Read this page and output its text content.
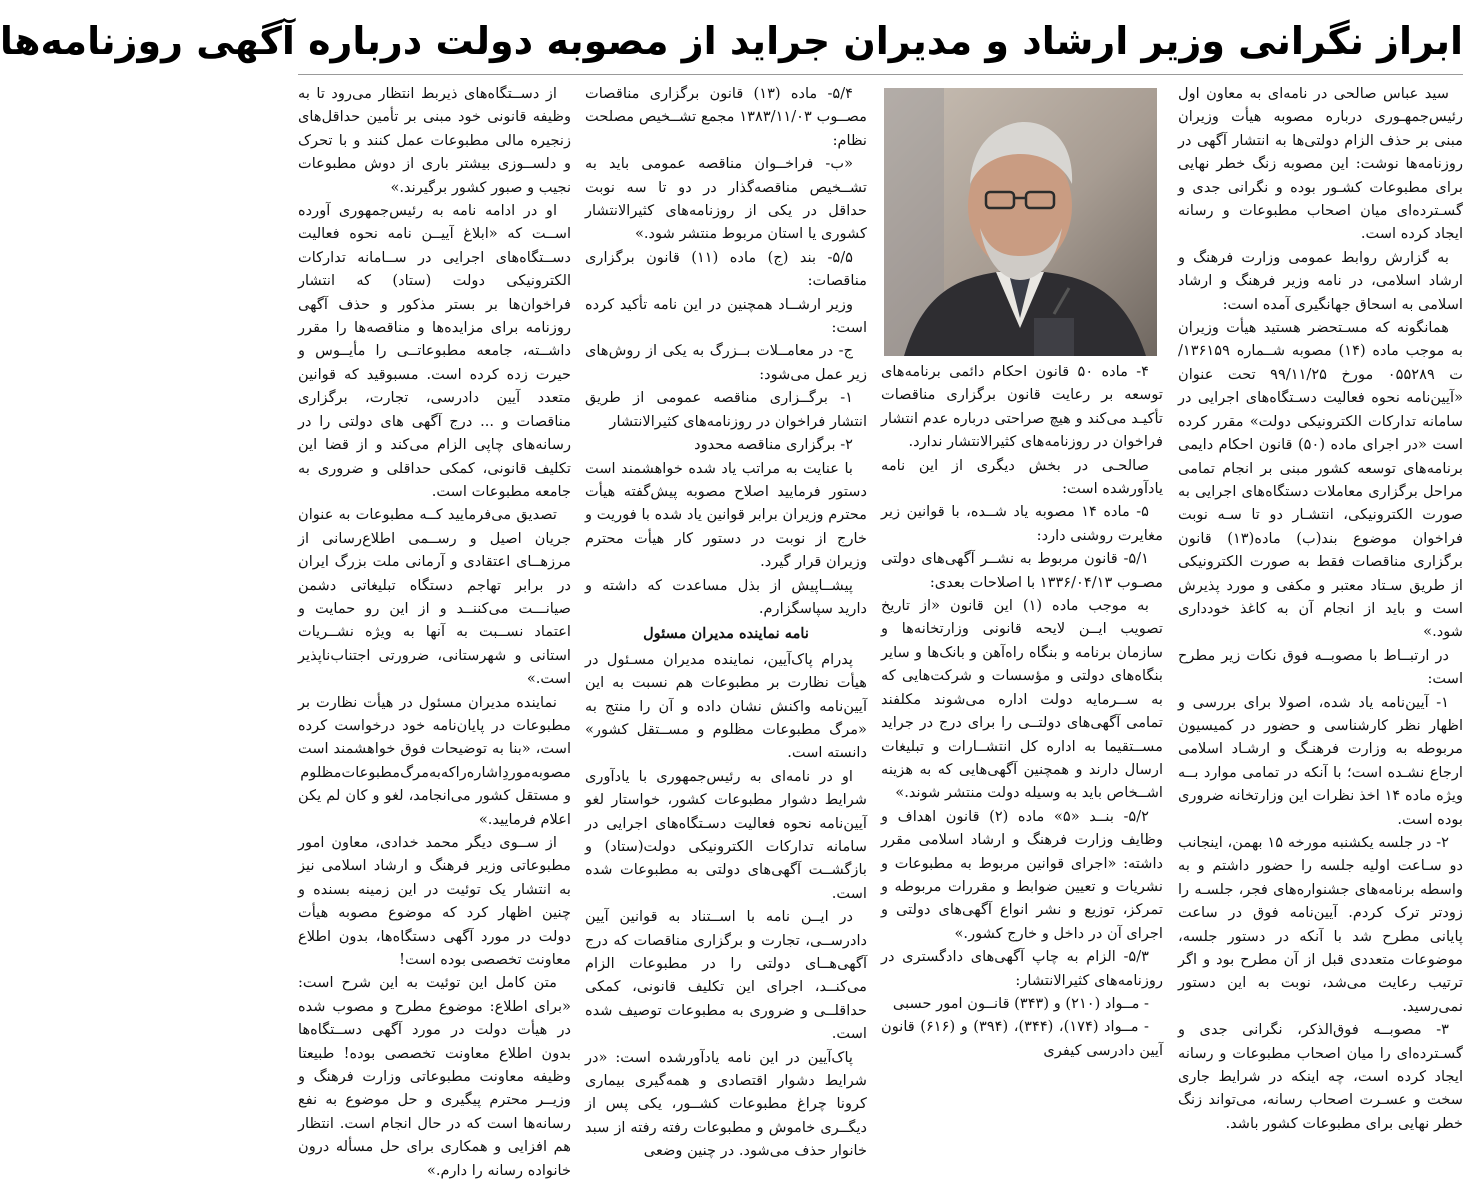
ابراز نگرانی وزیر ارشاد و مدیران جراید از مصوبه دولت درباره آگهی روزنامه‌ها

سید عباس صالحی در نامه‌ای به معاون اول رئیس‌جمهـوری درباره مصوبه هیأت وزیران مبنی بر حذف الزام دولتی‌ها به انتشار آگهی در روزنامه‌ها نوشت: این مصوبه زنگ خطر نهایی برای مطبوعات کشـور بوده و نگرانی جدی و گسـترده‌ای میان اصحاب مطبوعات و رسانه ایجاد کرده است.

به گزارش روابط عمومی وزارت فرهنگ و ارشاد اسلامی، در نامه وزیر فرهنگ و ارشاد اسلامی به اسحاق جهانگیری آمده است:

همانگونه که مسـتحضر هستید هیأت وزیران به موجب ماده (۱۴) مصوبه شــماره ۱۳۶۱۵۹/ت ۰۵۵۲۸۹ مورخ ۹۹/۱۱/۲۵ تحت عنوان «آیین‌نامه نحوه فعالیت دسـتگاه‌های اجرایی در سامانه تدارکات الکترونیکی دولت» مقرر کرده است «در اجرای ماده (۵۰) قانون احکام دایمی برنامه‌های توسعه کشور مبنی بر انجام تمامی مراحل برگزاری معاملات دستگاه‌های اجرایی به صورت الکترونیکی، انتشـار دو تا سـه نوبت فراخوان موضوع بند(ب) ماده(۱۳) قانون برگزاری مناقصات فقط به صورت الکترونیکی از طریق سـتاد معتبر و مکفی و مورد پذیرش است و باید از انجام آن به کاغذ خودداری شود.»

در ارتبــاط با مصوبــه فوق نکات زیر مطرح است:

۱- آیین‌نامه یاد شده، اصولا برای بررسی و اظهار نظر کارشناسی و حضور در کمیسیون مربوطه به وزارت فرهنـگ و ارشـاد اسلامی ارجاع نشـده است؛ با آنکه در تمامی موارد بــه ویژه ماده ۱۴ اخذ نظرات این وزارتخانه ضروری بوده است.

۲- در جلسه یکشنبه مورخه ۱۵ بهمن، اینجانب دو سـاعت اولیه جلسه را حضور داشتم و به واسطه برنامه‌های جشنواره‌های فجر، جلسـه را زودتر ترک کردم. آیین‌نامه فوق در ساعت پایانی مطرح شد با آنکه در دستور جلسه، موضوعات متعددی قبل از آن مطرح بود و اگر ترتیب رعایت می‌شد، نوبت به این دستور نمی‌رسید.

۳- مصوبــه فوق‌الذکر، نگرانی جدی و گسـترده‌ای را میان اصحاب مطبوعات و رسانه ایجاد کرده است، چه اینکه در شرایط جاری سخت و عسـرت اصحاب رسانه، می‌تواند زنگ خطر نهایی برای مطبوعات کشور باشد.

۴- ماده ۵۰ قانون احکام دائمی برنامه‌های توسعه بر رعایت قانون برگزاری مناقصات تأکیـد می‌کند و هیچ صراحتی درباره عدم انتشار فراخوان در روزنامه‌های کثیرالانتشار ندارد.

صالحـی در بخش دیگری از این نامه یادآورشده است:

۵- ماده ۱۴ مصوبه یاد شــده، با قوانین زیر مغایرت روشنی دارد:

۵/۱- قانون مربوط به نشــر آگهی‌های دولتی مصـوب ۱۳۳۶/۰۴/۱۳ با اصلاحات بعدی:

به موجب ماده (۱) این قانون «از تاریخ تصویب ایــن لایحه قانونی وزارتخانه‌ها و سازمان برنامه و بنگاه راه‌آهن و بانک‌ها و سایر بنگاه‌های دولتی و مؤسسات و شرکت‌هایی که به ســرمایه دولت اداره می‌شوند مکلفند تمامی آگهی‌های دولتــی را برای درج در جراید مســتقیما به اداره کل انتشــارات و تبلیغات ارسال دارند و همچنین آگهی‌هایی که به هزینه اشــخاص باید به وسیله دولت منتشر شوند.»

۵/۲- بنــد «۵» ماده (۲) قانون اهداف و وظایف وزارت فرهنگ و ارشاد اسلامی مقرر داشته: «اجرای قوانین مربوط به مطبوعات و نشریات و تعیین ضوابط و مقررات مربوطه و تمرکز، توزیع و نشر انواع آگهی‌های دولتی و اجرای آن در داخل و خارج کشور.»

۵/۳- الزام به چاپ آگهی‌های دادگستری در روزنامه‌های کثیرالانتشار:

- مــواد (۲۱۰) و (۳۴۳) قانــون امور حسبی

- مــواد (۱۷۴)، (۳۴۴)، (۳۹۴) و (۶۱۶) قانون آیین دادرسی کیفری

۵/۴- ماده (۱۳) قانون برگزاری مناقصات مصــوب ۱۳۸۳/۱۱/۰۳ مجمع تشــخیص مصلحت نظام:

«ب- فراخــوان مناقصه عمومی باید به تشــخیص مناقصه‌گذار در دو تا سه نوبت حداقل در یکی از روزنامه‌های کثیرالانتشار کشوری یا استان مربوط منتشر شود.»

۵/۵- بند (ج) ماده (۱۱) قانون برگزاری مناقصات:

وزیر ارشــاد همچنین در این نامه تأکید کرده است:

ج- در معامــلات بــزرگ به یکی از روش‌های زیر عمل می‌شود:

۱- برگــزاری مناقصه عمومی از طریق انتشار فراخوان در روزنامه‌های کثیرالانتشار

۲- برگزاری مناقصه محدود

با عنایت به مراتب یاد شده خواهشمند است دستور فرمایید اصلاح مصوبه پیش‌گفته هیأت محترم وزیران برابر قوانین یاد شده با فوریت و خارج از نوبت در دستور کار هیأت محترم وزیران قرار گیرد.

پیشــاپیش از بذل مساعدت که داشته و دارید سپاسگزارم.

نامه نماینده مدیران مسئول

پدرام پاک‌آیین، نماینده مدیران مسـئول در هیأت نظارت بر مطبوعات هم نسبت به این آیین‌نامه واکنش نشان داده و آن را منتج به «مرگ مطبوعات مظلوم و مســتقل کشور» دانسته است.

او در نامه‌ای به رئیس‌جمهوری با یادآوری شرایط دشوار مطبوعات کشور، خواستار لغو آیین‌نامه نحوه فعالیت دسـتگاه‌های اجرایی در سامانه تدارکات الکترونیکی دولت(ستاد) و بازگشــت آگهی‌های دولتی به مطبوعات شده است.

در ایــن نامه با اســتناد به قوانین آیین دادرســی، تجارت و برگزاری مناقصات که درج آگهی‌هــای دولتی را در مطبوعات الزام می‌کنــد، اجرای این تکلیف قانونی، کمکی حداقلــی و ضروری به مطبوعات توصیف شده است.

پاک‌آیین در این نامه یادآورشده است: «در شرایط دشوار اقتصادی و همه‌گیری بیماری کرونا چراغ مطبوعات کشــور، یکی پس از دیگــری خاموش و مطبوعات رفته رفته از سبد خانوار حذف می‌شود. در چنین وضعی

از دســتگاه‌های ذیربط انتظار می‌رود تا به وظیفه قانونی خود مبنی بر تأمین حداقل‌های زنجیره مالی مطبوعات عمل کنند و با تحرک و دلســوزی بیشتر باری از دوش مطبوعات نجیب و صبور کشور برگیرند.»

او در ادامه نامه به رئیس‌جمهوری آورده اســت که «ابلاغ آییــن نامه نحوه فعالیت دســتگاه‌های اجرایی در ســامانه تدارکات الکترونیکی دولت (ستاد) که انتشار فراخوان‌ها بر بستر مذکور و حذف آگهی روزنامه برای مزایده‌ها و مناقصه‌ها را مقرر داشــته، جامعه مطبوعاتــی را مأیــوس و حیرت زده کرده است. مسبوقید که قوانین متعدد آیین دادرسی، تجارت، برگزاری مناقصات و ... درج آگهی های دولتی را در رسانه‌های چاپی الزام می‌کند و از قضا این تکلیف قانونی، کمکی حداقلی و ضروری به جامعه مطبوعات است.

تصدیق می‌فرمایید کــه مطبوعات به عنوان جریان اصیل و رســمی اطلاع‌رسانی از مرزهــای اعتقادی و آرمانی ملت بزرگ ایران در برابر تهاجم دستگاه تبلیغاتی دشمن صیانـــت می‌کننــد و از این رو حمایت و اعتماد نســبت به آنها به ویژه نشــریات استانی و شهرستانی، ضرورتی اجتناب‌ناپذیر است.»

نماینده مدیران مسئول در هیأت نظارت بر مطبوعات در پایان‌نامه خود درخواست کرده است، «بنا به توضیحات فوق خواهشمند است مصوبه‌موردِاشاره‌راکه‌به‌مرگ‌مطبوعات‌مظلوم و مستقل کشور می‌انجامد، لغو و کان لم یکن اعلام فرمایید.»

از ســوی دیگر محمد خدادی، معاون امور مطبوعاتی وزیر فرهنگ و ارشاد اسلامی نیز به انتشار یک توئیت در این زمینه بسنده و چنین اظهار کرد که موضوع مصوبه هیأت دولت در مورد آگهی دستگاه‌ها، بدون اطلاع معاونت تخصصی بوده است!

متن کامل این توئیت به این شرح است: «برای اطلاع: موضوع مطرح و مصوب شده در هیأت دولت در مورد آگهی دســتگاه‌ها بدون اطلاع معاونت تخصصی بوده! طبیعتا وظیفه معاونت مطبوعاتی وزارت فرهنگ و وزیــر محترم پیگیری و حل موضوع به نفع رسانه‌ها است که در حال انجام است. انتظار هم افزایی و همکاری برای حل مسأله درون خانواده رسانه را دارم.»
